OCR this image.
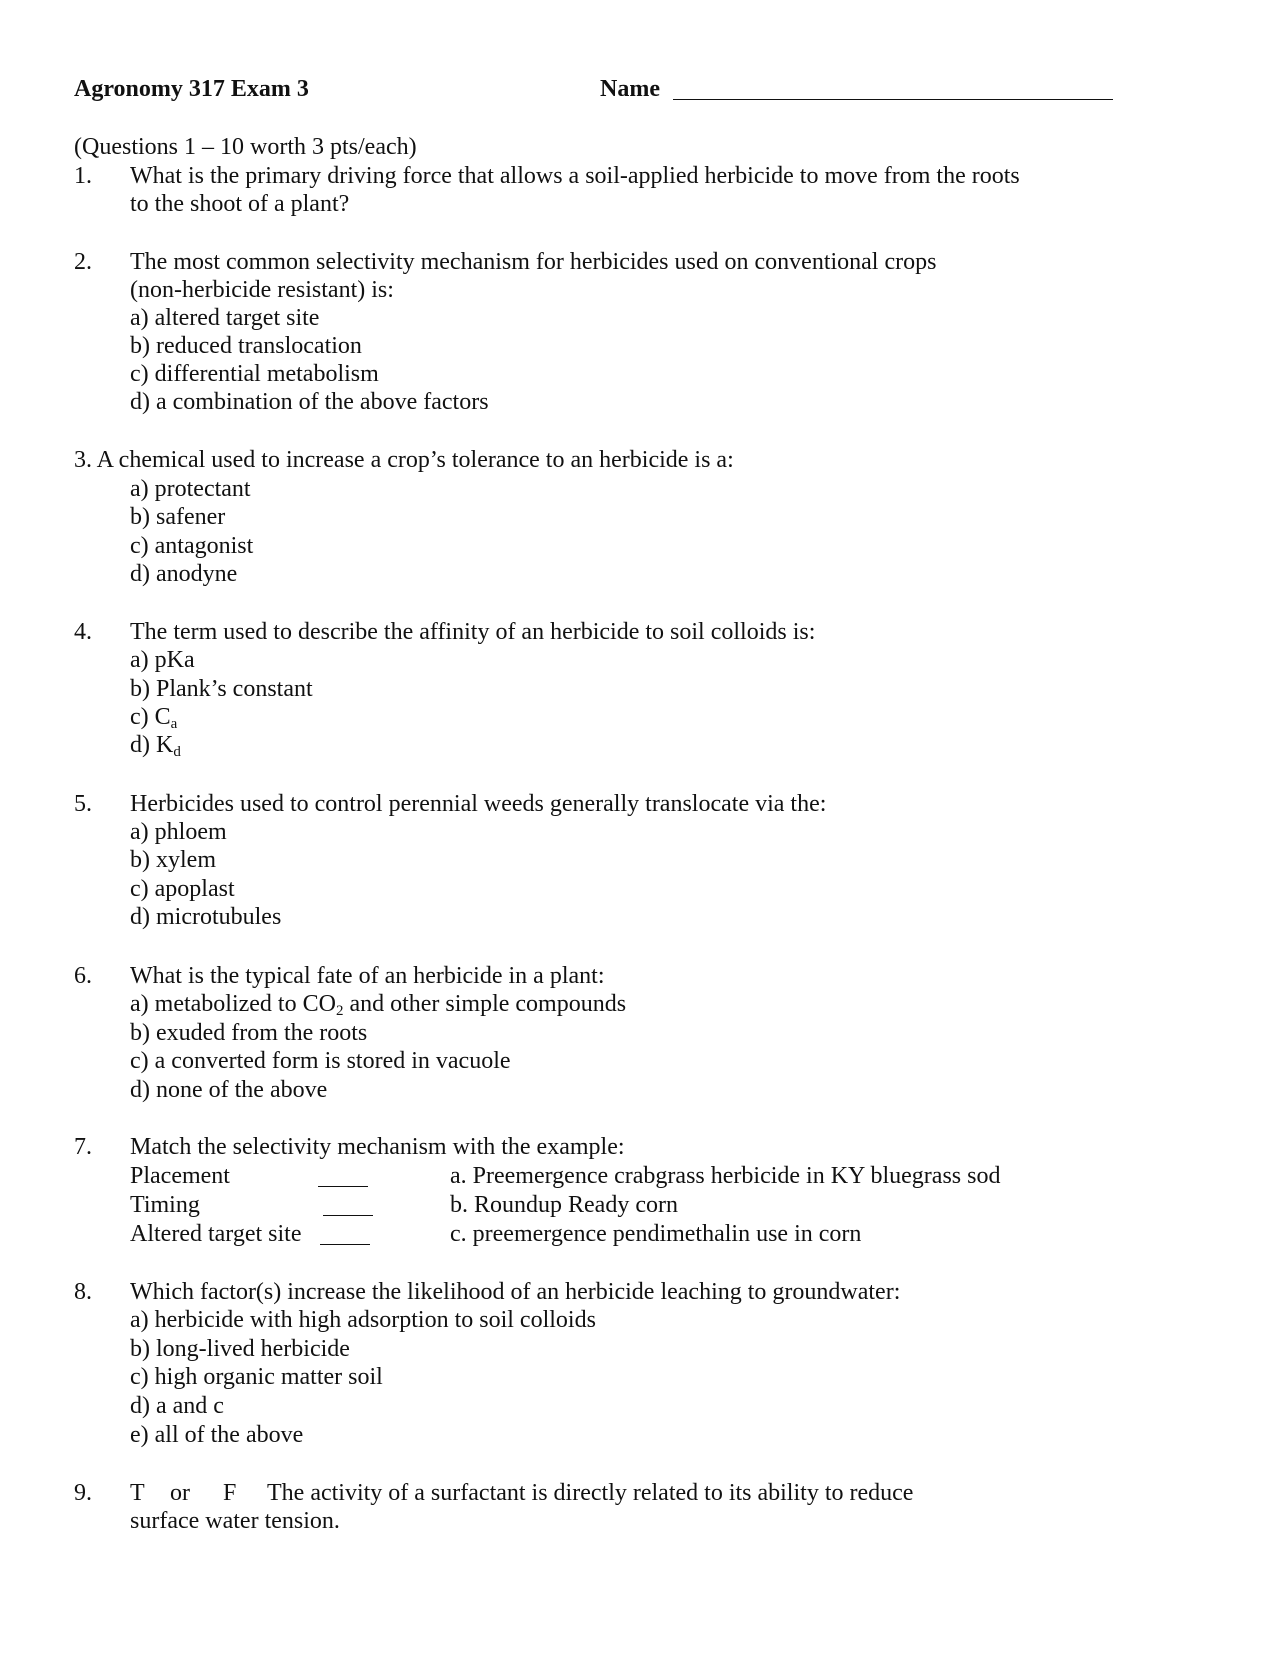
Agronomy 317 Exam 3	Name
(Questions 1 – 10 worth 3 pts/each)
1. What is the primary driving force that allows a soil-applied herbicide to move from the roots
to the shoot of a plant?
2. The most common selectivity mechanism for herbicides used on conventional crops
(non-herbicide resistant) is:
a) altered target site
b) reduced translocation
c) differential metabolism
d) a combination of the above factors
3. A chemical used to increase a crop’s tolerance to an herbicide is a:
a) protectant
b) safener
c) antagonist
d) anodyne
4. The term used to describe the affinity of an herbicide to soil colloids is:
a) pKa
b) Plank’s constant
c) $C_a$
d) $K_d$
5. Herbicides used to control perennial weeds generally translocate via the:
a) phloem
b) xylem
c) apoplast
d) microtubules
6. What is the typical fate of an herbicide in a plant:
a) metabolized to $CO_2$ and other simple compounds
b) exuded from the roots
c) a converted form is stored in vacuole
d) none of the above
7. Match the selectivity mechanism with the example:
Placement	a. Preemergence crabgrass herbicide in KY bluegrass sod
Timing	b. Roundup Ready corn
Altered target site	c. preemergence pendimethalin use in corn
8. Which factor(s) increase the likelihood of an herbicide leaching to groundwater:
a) herbicide with high adsorption to soil colloids
b) long-lived herbicide
c) high organic matter soil
d) a and c
e) all of the above
9. T or F The activity of a surfactant is directly related to its ability to reduce
surface water tension.
